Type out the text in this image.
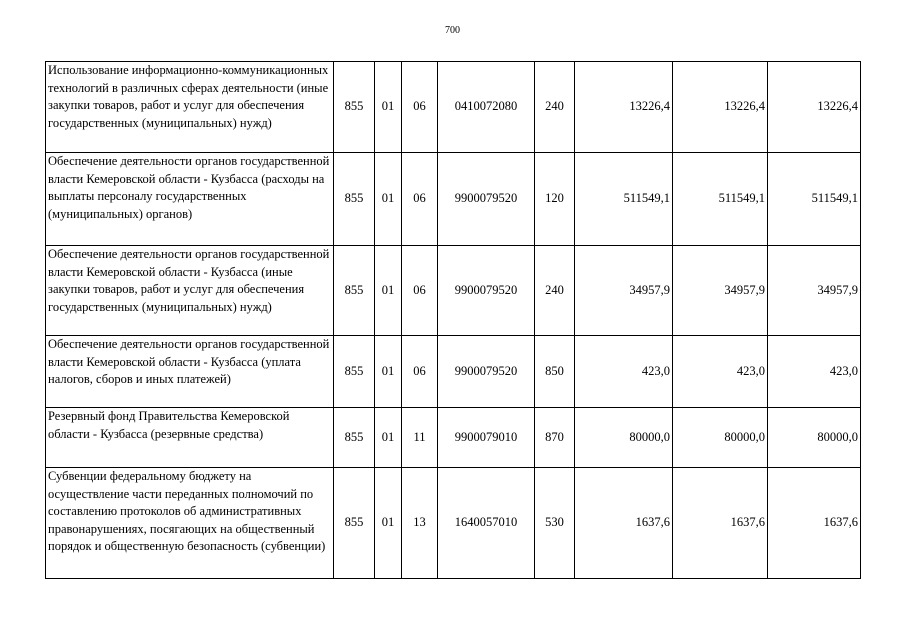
700
Использование информационно-коммуникационных технологий в различных сферах деятельности (иные закупки товаров, работ и услуг для обеспечения государственных (муниципальных) нужд)	855	01	06	0410072080	240	13226,4	13226,4	13226,4
Обеспечение деятельности органов государственной власти Кемеровской области - Кузбасса (расходы на выплаты персоналу государственных (муниципальных) органов)	855	01	06	9900079520	120	511549,1	511549,1	511549,1
Обеспечение деятельности органов государственной власти Кемеровской области - Кузбасса (иные закупки товаров, работ и услуг для обеспечения государственных (муниципальных) нужд)	855	01	06	9900079520	240	34957,9	34957,9	34957,9
Обеспечение деятельности органов государственной власти Кемеровской области - Кузбасса (уплата налогов, сборов и иных платежей)	855	01	06	9900079520	850	423,0	423,0	423,0
Резервный фонд Правительства Кемеровской области - Кузбасса (резервные средства)	855	01	11	9900079010	870	80000,0	80000,0	80000,0
Субвенции федеральному бюджету на осуществление части переданных полномочий по составлению протоколов об административных правонарушениях, посягающих на общественный порядок и общественную безопасность (субвенции)	855	01	13	1640057010	530	1637,6	1637,6	1637,6
